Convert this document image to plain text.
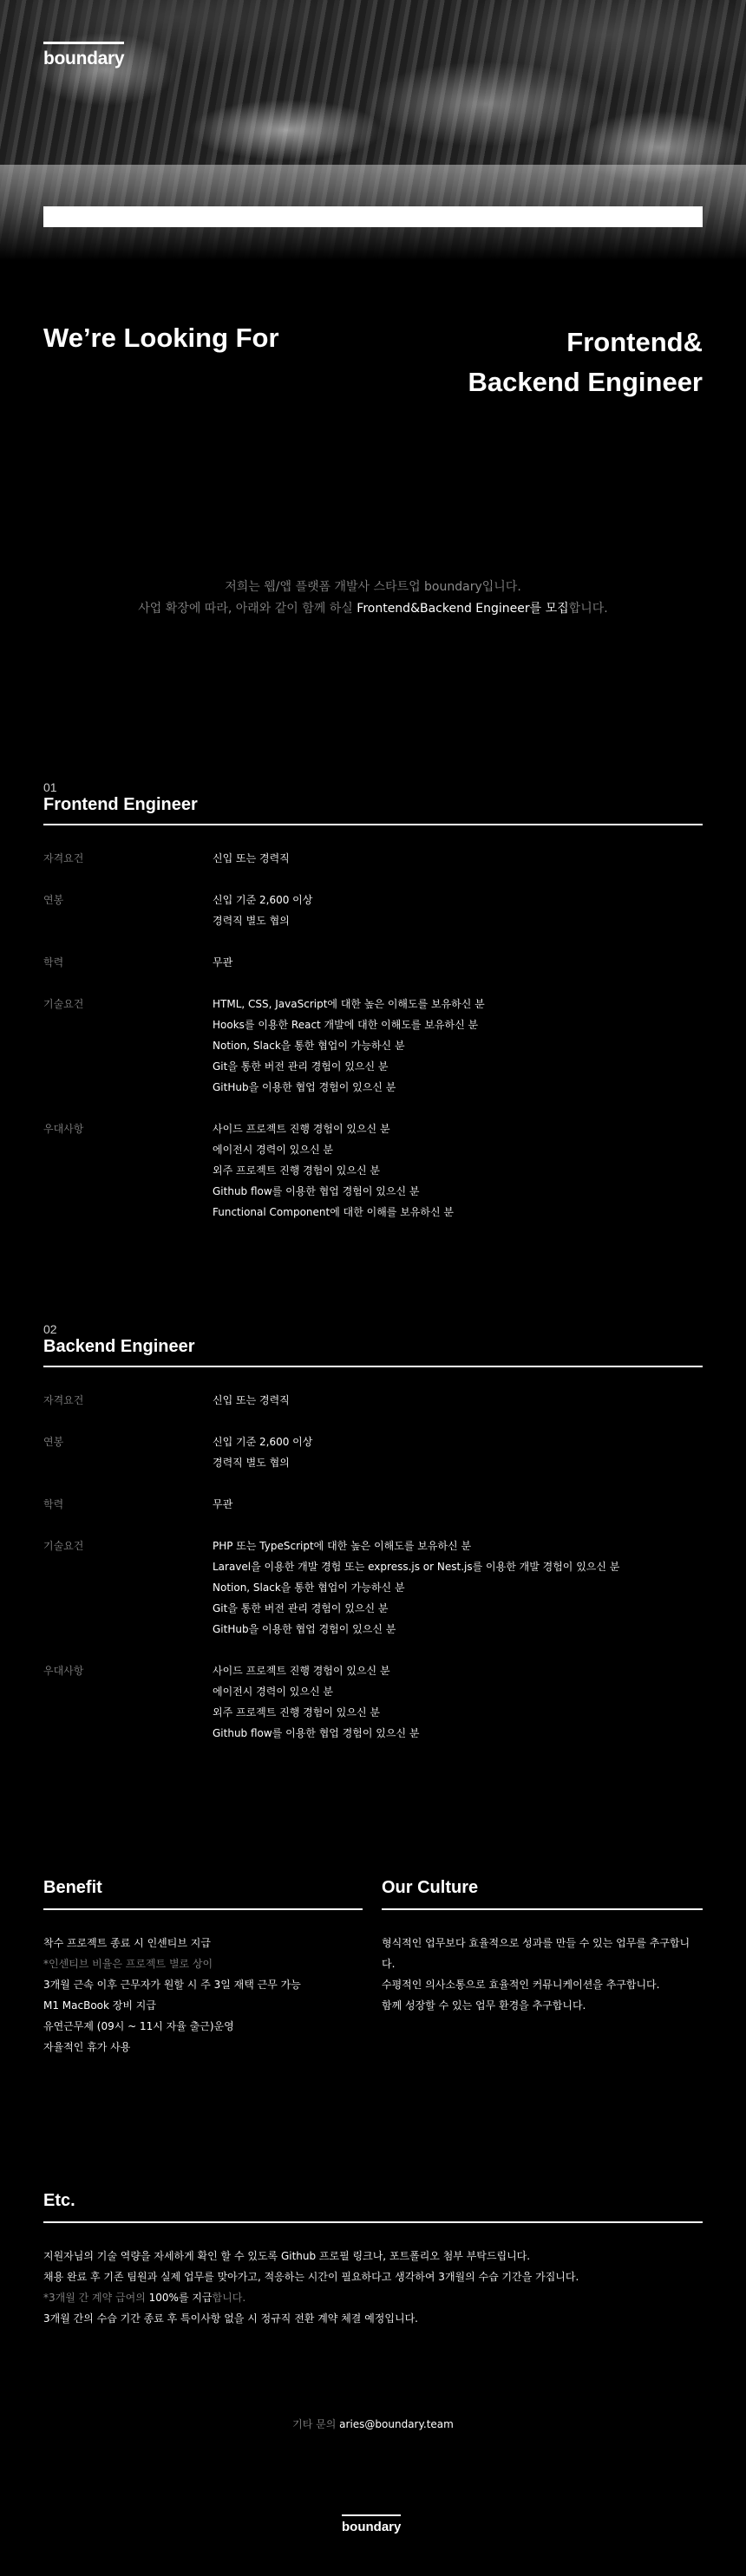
boundary
We’re Looking For	Frontend&
Backend Engineer
저희는 웹/앱 플랫폼 개발사 스타트업 boundary입니다.
사업 확장에 따라, 아래와 같이 함께 하실 Frontend&Backend Engineer를 모집합니다.
01
Frontend Engineer
자격요건	신입 또는 경력직
연봉	신입 기준 2,600 이상
경력직 별도 협의
학력	무관
기술요건	HTML, CSS, JavaScript에 대한 높은 이해도를 보유하신 분
Hooks를 이용한 React 개발에 대한 이해도를 보유하신 분
Notion, Slack을 통한 협업이 가능하신 분
Git을 통한 버전 관리 경험이 있으신 분
GitHub을 이용한 협업 경험이 있으신 분
우대사항	사이드 프로젝트 진행 경험이 있으신 분
에이전시 경력이 있으신 분
외주 프로젝트 진행 경험이 있으신 분
Github flow를 이용한 협업 경험이 있으신 분
Functional Component에 대한 이해를 보유하신 분
02
Backend Engineer
자격요건	신입 또는 경력직
연봉	신입 기준 2,600 이상
경력직 별도 협의
학력	무관
기술요건	PHP 또는 TypeScript에 대한 높은 이해도를 보유하신 분
Laravel을 이용한 개발 경험 또는 express.js or Nest.js를 이용한 개발 경험이 있으신 분
Notion, Slack을 통한 협업이 가능하신 분
Git을 통한 버전 관리 경험이 있으신 분
GitHub을 이용한 협업 경험이 있으신 분
우대사항	사이드 프로젝트 진행 경험이 있으신 분
에이전시 경력이 있으신 분
외주 프로젝트 진행 경험이 있으신 분
Github flow를 이용한 협업 경험이 있으신 분
Benefit
착수 프로젝트 종료 시 인센티브 지급
*인센티브 비율은 프로젝트 별로 상이
3개월 근속 이후 근무자가 원할 시 주 3일 재택 근무 가능
M1 MacBook 장비 지급
유연근무제 (09시 ~ 11시 자율 출근)운영
자율적인 휴가 사용
Our Culture
형식적인 업무보다 효율적으로 성과를 만들 수 있는 업무를 추구합니다.
수평적인 의사소통으로 효율적인 커뮤니케이션을 추구합니다.
함께 성장할 수 있는 업무 환경을 추구합니다.
Etc.
지원자님의 기술 역량을 자세하게 확인 할 수 있도록 Github 프로필 링크나, 포트폴리오 첨부 부탁드립니다.
채용 완료 후 기존 팀원과 실제 업무를 맞아가고, 적응하는 시간이 필요하다고 생각하여 3개월의 수습 기간을 가집니다.
*3개월 간 계약 급여의 100%를 지급합니다.
3개월 간의 수습 기간 종료 후 특이사항 없을 시 정규직 전환 계약 체결 예정입니다.
기타 문의 aries@boundary.team
boundary
